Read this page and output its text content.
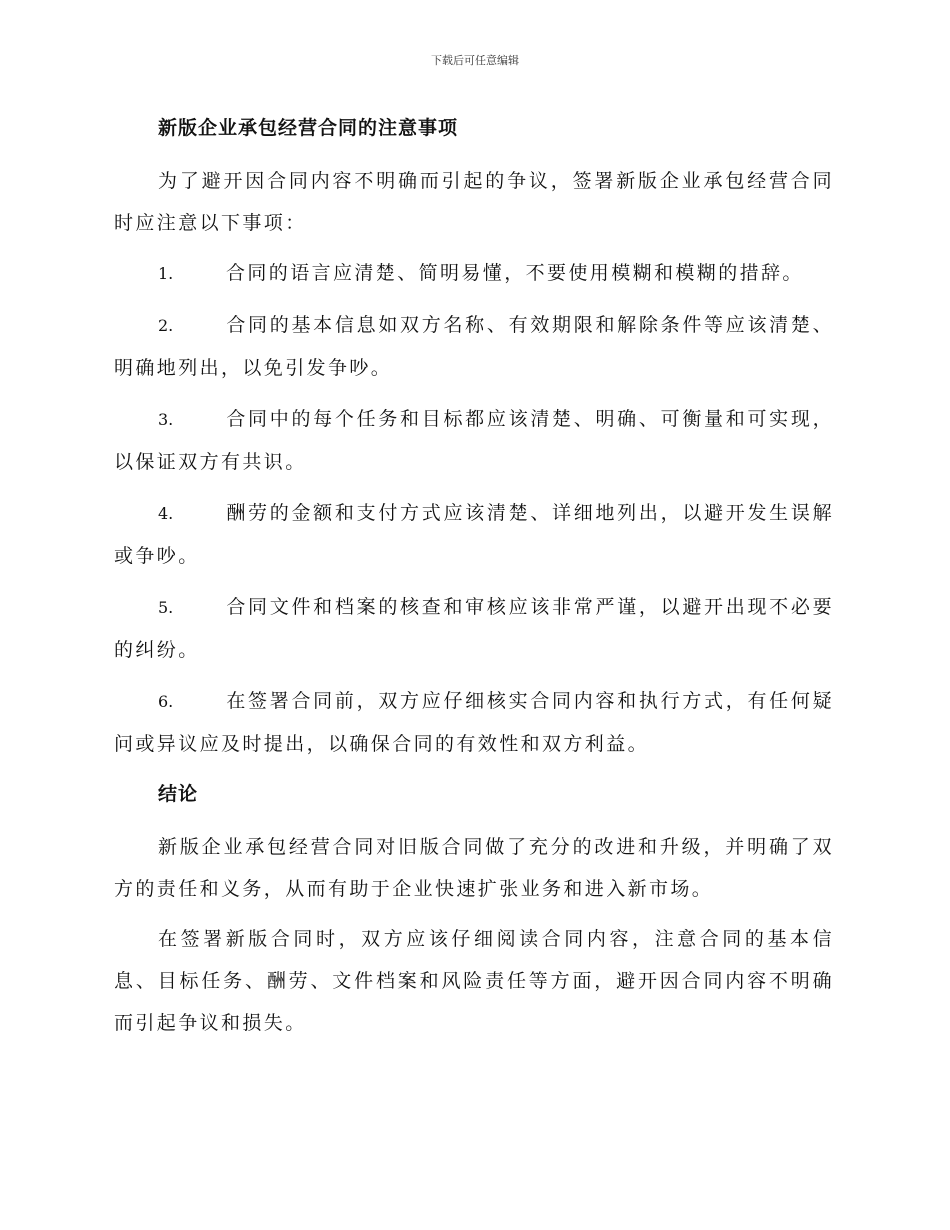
下载后可任意编辑
新版企业承包经营合同的注意事项

为了避开因合同内容不明确而引起的争议，签署新版企业承包经营合同时应注意以下事项：

1.	合同的语言应清楚、简明易懂，不要使用模糊和模糊的措辞。

2.	合同的基本信息如双方名称、有效期限和解除条件等应该清楚、明确地列出，以免引发争吵。

3.	合同中的每个任务和目标都应该清楚、明确、可衡量和可实现，以保证双方有共识。

4.	酬劳的金额和支付方式应该清楚、详细地列出，以避开发生误解或争吵。

5.	合同文件和档案的核查和审核应该非常严谨，以避开出现不必要的纠纷。

6.	在签署合同前，双方应仔细核实合同内容和执行方式，有任何疑问或异议应及时提出，以确保合同的有效性和双方利益。

结论

新版企业承包经营合同对旧版合同做了充分的改进和升级，并明确了双方的责任和义务，从而有助于企业快速扩张业务和进入新市场。

在签署新版合同时，双方应该仔细阅读合同内容，注意合同的基本信息、目标任务、酬劳、文件档案和风险责任等方面，避开因合同内容不明确而引起争议和损失。
